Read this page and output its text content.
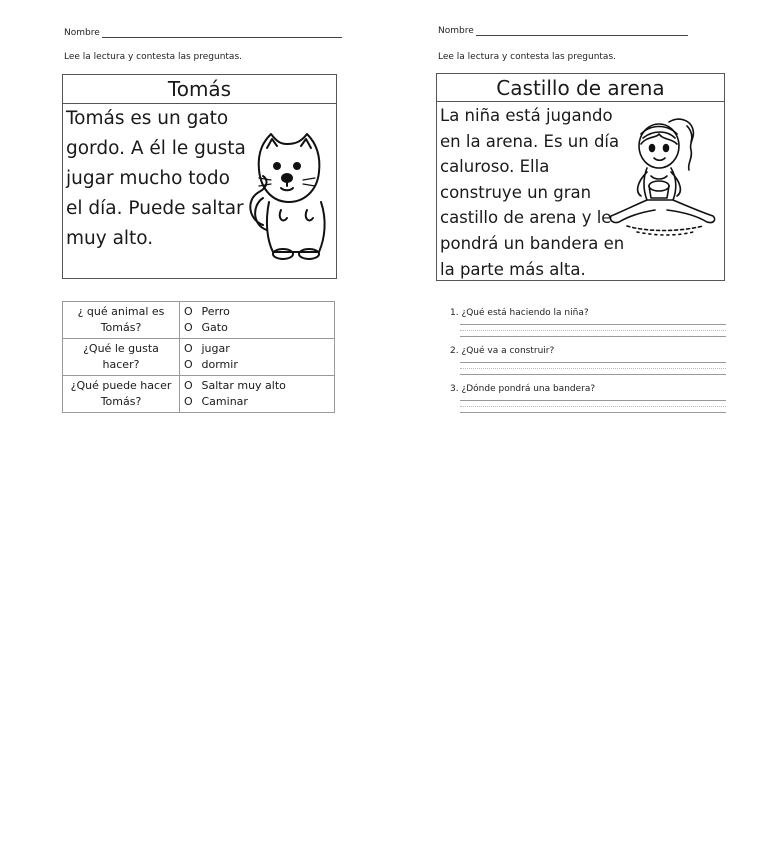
Nombre
Lee la lectura y contesta las preguntas.
Tomás
Tomás es un gato
gordo. A él le gusta
jugar mucho todo
el día. Puede saltar
muy alto.
¿ qué animal es
Tomás?	O Perro
O Gato

¿Qué le gusta
hacer?	O jugar
O dormir

¿Qué puede hacer
Tomás?	O Saltar muy alto
O Caminar
Nombre
Lee la lectura y contesta las preguntas.
Castillo de arena
La niña está jugando
en la arena. Es un día
caluroso. Ella
construye un gran
castillo de arena y le
pondrá un bandera en
la parte más alta.
1. ¿Qué está haciendo la niña?
2. ¿Qué va a construir?
3. ¿Dónde pondrá una bandera?
